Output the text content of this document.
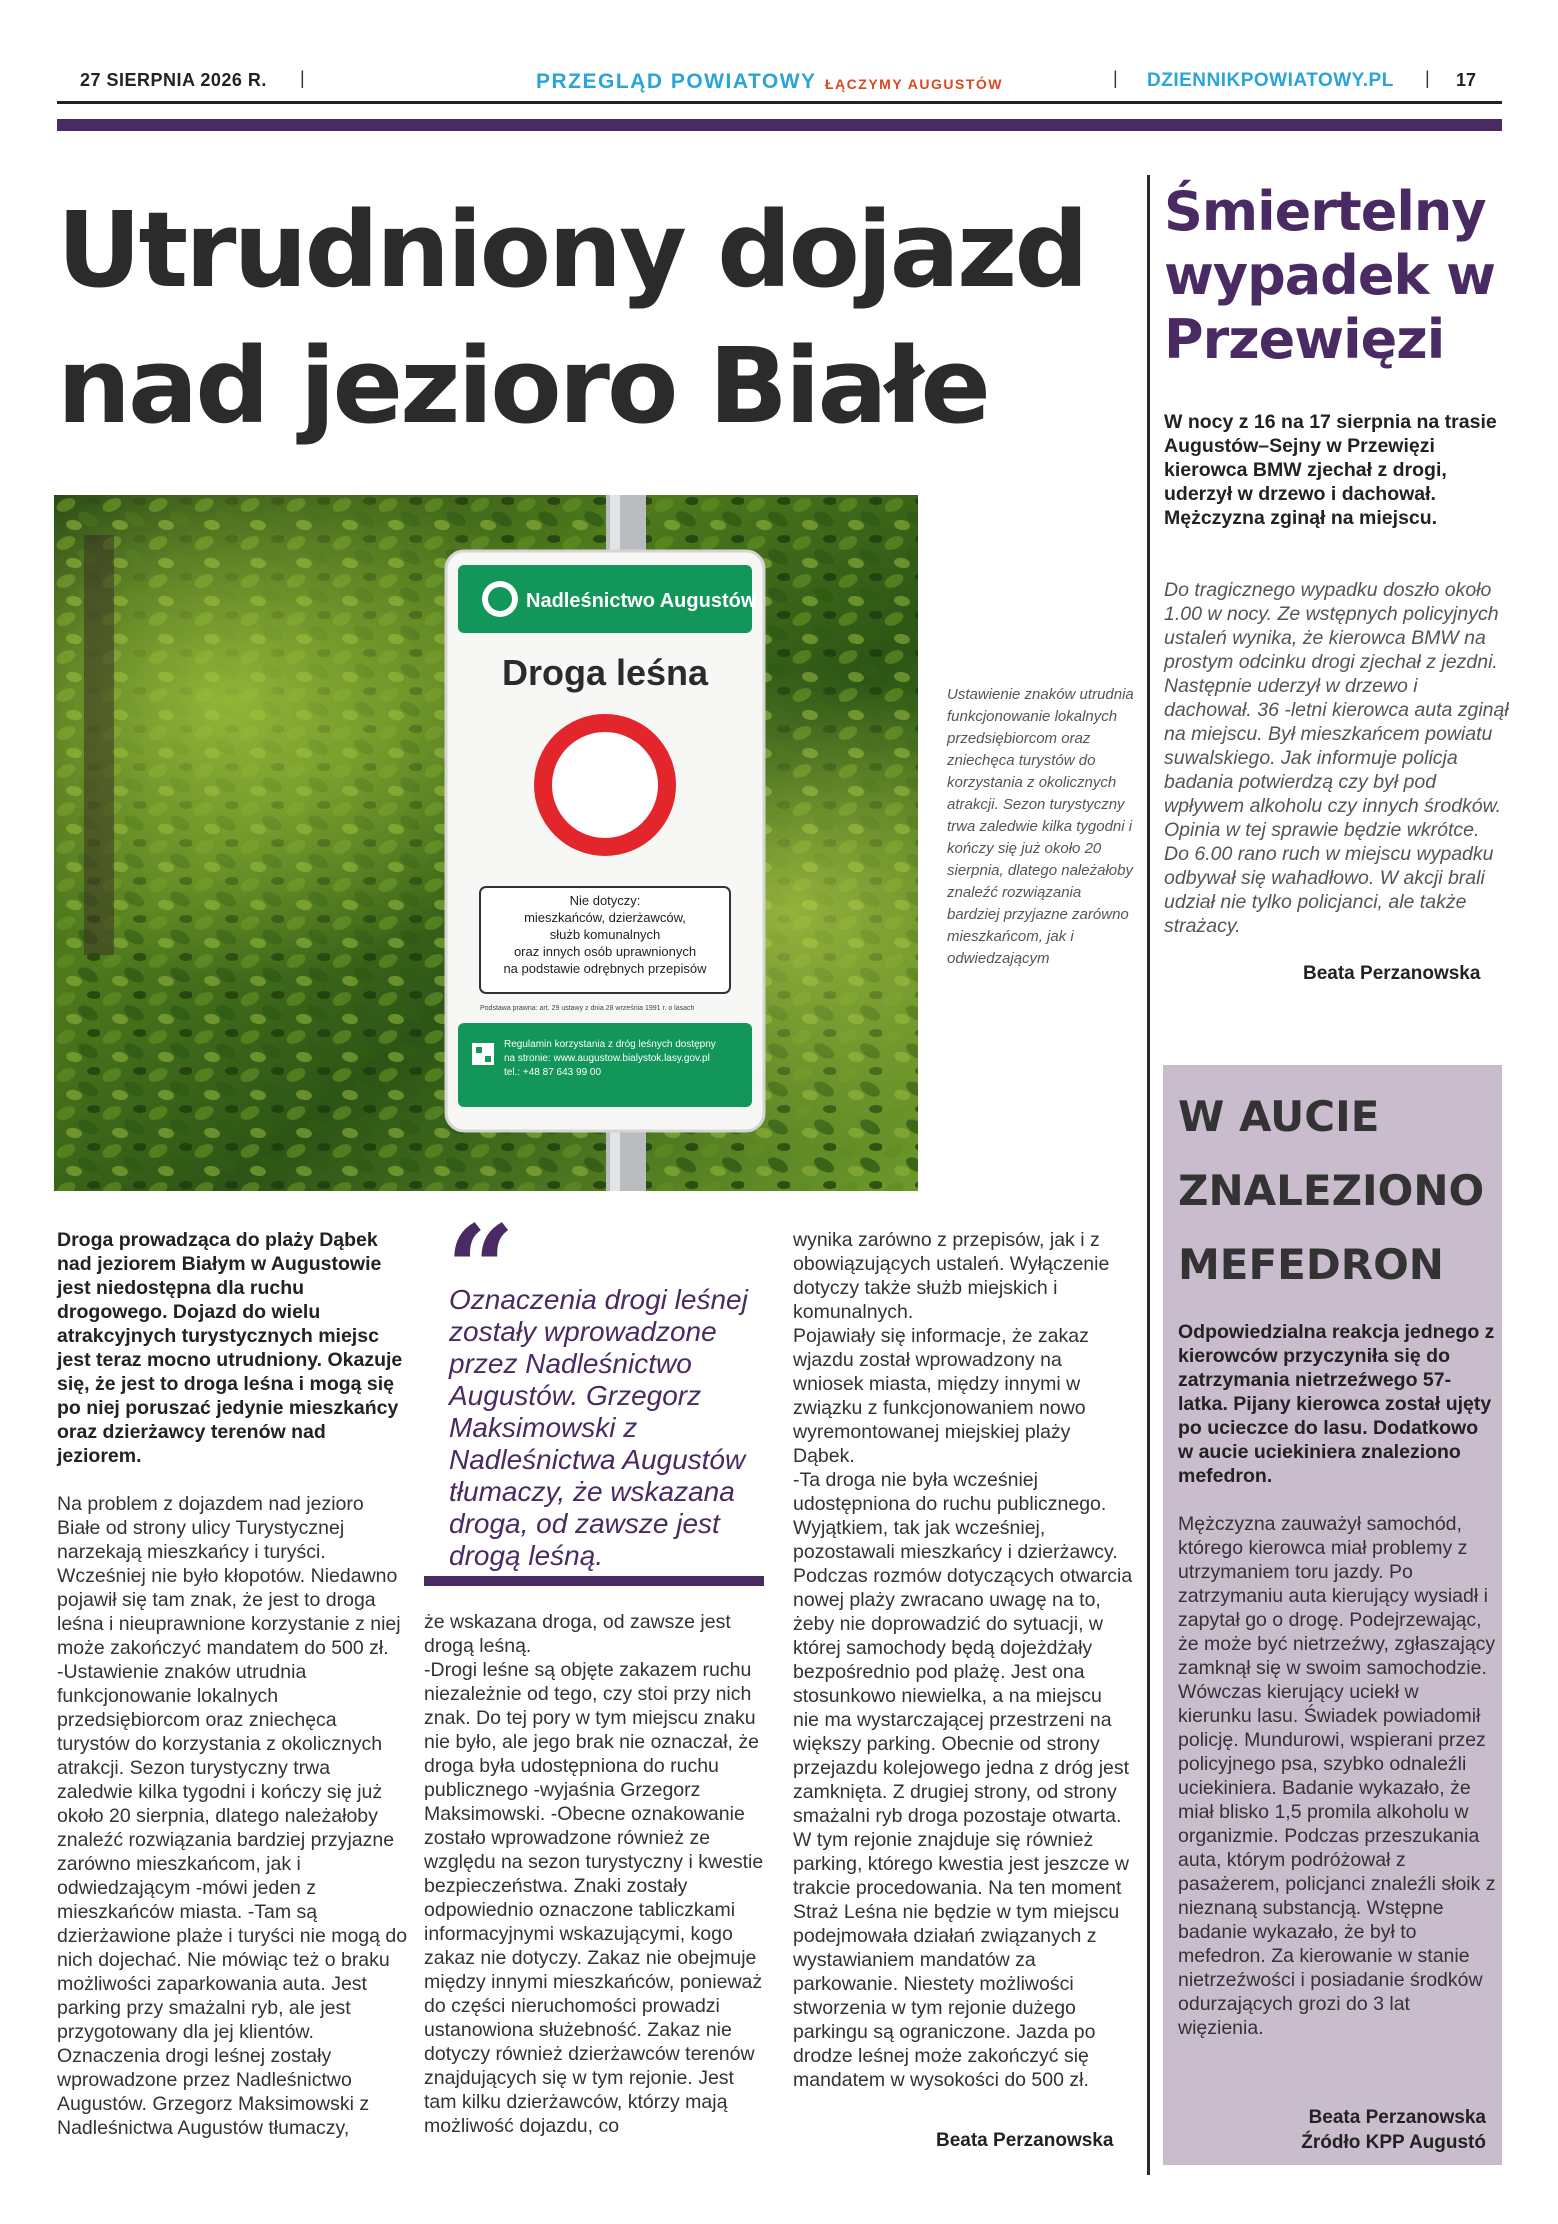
27 SIERPNIA 2026 R. |	PRZEGLĄD POWIATOWY ŁĄCZYMY AUGUSTÓW	| DZIENNIKPOWIATOWY.PL | 17
Utrudniony dojazd nad jezioro Białe
Nadleśnictwo Augustów
Droga leśna
Nie dotyczy:
mieszkańców, dzierżawców,
służb komunalnych
oraz innych osób uprawnionych
na podstawie odrębnych przepisów
Podstawa prawna: art. 29 ustawy z dnia 28 września 1991 r. o lasach
Regulamin korzystania z dróg leśnych dostępny
na stronie: www.augustow.bialystok.lasy.gov.pl
tel.: +48 87 643 99 00
Ustawienie znaków utrudnia funkcjonowanie lokalnych przedsiębiorcom oraz zniechęca turystów do korzystania z okolicznych atrakcji. Sezon turystyczny trwa zaledwie kilka tygodni i kończy się już około 20 sierpnia, dlatego należałoby znaleźć rozwiązania bardziej przyjazne zarówno mieszkańcom, jak i odwiedzającym

Droga prowadząca do plaży Dąbek nad jeziorem Białym w Augustowie jest niedostępna dla ruchu drogowego. Dojazd do wielu atrakcyjnych turystycznych miejsc jest teraz mocno utrudniony. Okazuje się, że jest to droga leśna i mogą się po niej poruszać jedynie mieszkańcy oraz dzierżawcy terenów nad jeziorem.

Na problem z dojazdem nad jezioro Białe od strony ulicy Turystycznej narzekają mieszkańcy i turyści. Wcześniej nie było kłopotów. Niedawno pojawił się tam znak, że jest to droga leśna i nieuprawnione korzystanie z niej może zakończyć mandatem do 500 zł.
-Ustawienie znaków utrudnia funkcjonowanie lokalnych przedsiębiorcom oraz zniechęca turystów do korzystania z okolicznych atrakcji. Sezon turystyczny trwa zaledwie kilka tygodni i kończy się już około 20 sierpnia, dlatego należałoby znaleźć rozwiązania bardziej przyjazne zarówno mieszkańcom, jak i odwiedzającym -mówi jeden z mieszkańców miasta. -Tam są dzierżawione plaże i turyści nie mogą do nich dojechać. Nie mówiąc też o braku możliwości zaparkowania auta. Jest parking przy smażalni ryb, ale jest przygotowany dla jej klientów.
Oznaczenia drogi leśnej zostały wprowadzone przez Nadleśnictwo Augustów. Grzegorz Maksimowski z Nadleśnictwa Augustów tłumaczy,

“

Oznaczenia drogi leśnej zostały wprowadzone przez Nadleśnictwo Augustów. Grzegorz Maksimowski z Nadleśnictwa Augustów tłumaczy, że wskazana droga, od zawsze jest drogą leśną.

że wskazana droga, od zawsze jest drogą leśną.
-Drogi leśne są objęte zakazem ruchu niezależnie od tego, czy stoi przy nich znak. Do tej pory w tym miejscu znaku nie było, ale jego brak nie oznaczał, że droga była udostępniona do ruchu publicznego -wyjaśnia Grzegorz Maksimowski. -Obecne oznakowanie zostało wprowadzone również ze względu na sezon turystyczny i kwestie bezpieczeństwa. Znaki zostały odpowiednio oznaczone tabliczkami informacyjnymi wskazującymi, kogo zakaz nie dotyczy. Zakaz nie obejmuje między innymi mieszkańców, ponieważ do części nieruchomości prowadzi ustanowiona służebność. Zakaz nie dotyczy również dzierżawców terenów znajdujących się w tym rejonie. Jest tam kilku dzierżawców, którzy mają możliwość dojazdu, co

wynika zarówno z przepisów, jak i z obowiązujących ustaleń. Wyłączenie dotyczy także służb miejskich i komunalnych.
Pojawiały się informacje, że zakaz wjazdu został wprowadzony na wniosek miasta, między innymi w związku z funkcjonowaniem nowo wyremontowanej miejskiej plaży Dąbek.
-Ta droga nie była wcześniej udostępniona do ruchu publicznego. Wyjątkiem, tak jak wcześniej, pozostawali mieszkańcy i dzierżawcy. Podczas rozmów dotyczących otwarcia nowej plaży zwracano uwagę na to, żeby nie doprowadzić do sytuacji, w której samochody będą dojeżdżały bezpośrednio pod plażę. Jest ona stosunkowo niewielka, a na miejscu nie ma wystarczającej przestrzeni na większy parking. Obecnie od strony przejazdu kolejowego jedna z dróg jest zamknięta. Z drugiej strony, od strony smażalni ryb droga pozostaje otwarta. W tym rejonie znajduje się również parking, którego kwestia jest jeszcze w trakcie procedowania. Na ten moment Straż Leśna nie będzie w tym miejscu podejmowała działań związanych z wystawianiem mandatów za parkowanie. Niestety możliwości stworzenia w tym rejonie dużego parkingu są ograniczone. Jazda po drodze leśnej może zakończyć się mandatem w wysokości do 500 zł.

Beata Perzanowska
Śmiertelny wypadek w Przewięzi

W nocy z 16 na 17 sierpnia na trasie Augustów–Sejny w Przewięzi kierowca BMW zjechał z drogi, uderzył w drzewo i dachował. Mężczyzna zginął na miejscu.

Do tragicznego wypadku doszło około 1.00 w nocy. Ze wstępnych policyjnych ustaleń wynika, że kierowca BMW na prostym odcinku drogi zjechał z jezdni. Następnie uderzył w drzewo i dachował. 36 -letni kierowca auta zginął na miejscu. Był mieszkańcem powiatu suwalskiego. Jak informuje policja badania potwierdzą czy był pod wpływem alkoholu czy innych środków. Opinia w tej sprawie będzie wkrótce. Do 6.00 rano ruch w miejscu wypadku odbywał się wahadłowo. W akcji brali udział nie tylko policjanci, ale także strażacy.

Beata Perzanowska
W AUCIE ZNALEZIONO MEFEDRON

Odpowiedzialna reakcja jednego z kierowców przyczyniła się do zatrzymania nietrzeźwego 57-latka. Pijany kierowca został ujęty po ucieczce do lasu. Dodatkowo w aucie uciekiniera znaleziono mefedron.

Mężczyzna zauważył samochód, którego kierowca miał problemy z utrzymaniem toru jazdy. Po zatrzymaniu auta kierujący wysiadł i zapytał go o drogę. Podejrzewając, że może być nietrzeźwy, zgłaszający zamknął się w swoim samochodzie. Wówczas kierujący uciekł w kierunku lasu. Świadek powiadomił policję. Mundurowi, wspierani przez policyjnego psa, szybko odnaleźli uciekiniera. Badanie wykazało, że miał blisko 1,5 promila alkoholu w organizmie. Podczas przeszukania auta, którym podróżował z pasażerem, policjanci znaleźli słoik z nieznaną substancją. Wstępne badanie wykazało, że był to mefedron. Za kierowanie w stanie nietrzeźwości i posiadanie środków odurzających grozi do 3 lat więzienia.

Beata Perzanowska
Źródło KPP Augustó
